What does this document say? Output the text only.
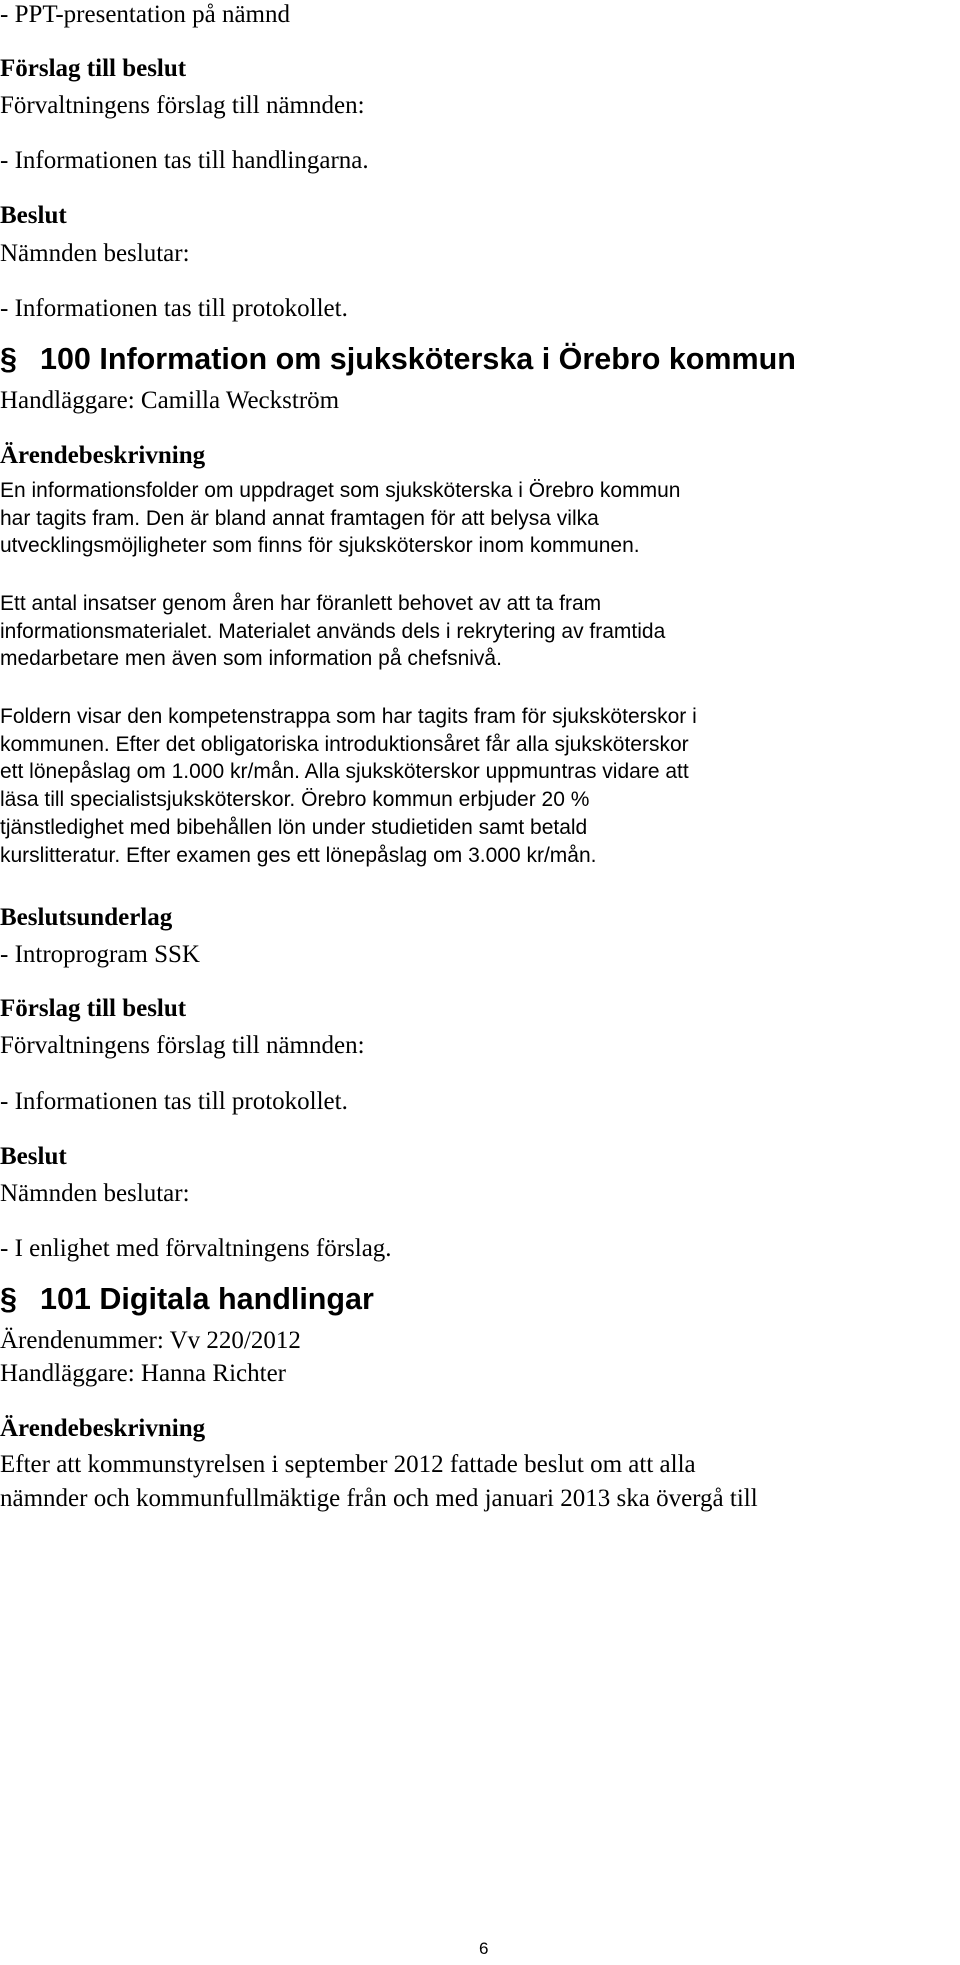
- PPT-presentation på nämnd

Förslag till beslut

Förvaltningens förslag till nämnden:

- Informationen tas till handlingarna.

Beslut

Nämnden beslutar:

- Informationen tas till protokollet.

§ 100 Information om sjuksköterska i Örebro kommun

Handläggare: Camilla Weckström

Ärendebeskrivning

En informationsfolder om uppdraget som sjuksköterska i Örebro kommun
har tagits fram. Den är bland annat framtagen för att belysa vilka
utvecklingsmöjligheter som finns för sjuksköterskor inom kommunen.

Ett antal insatser genom åren har föranlett behovet av att ta fram
informationsmaterialet. Materialet används dels i rekrytering av framtida
medarbetare men även som information på chefsnivå.

Foldern visar den kompetenstrappa som har tagits fram för sjuksköterskor i
kommunen. Efter det obligatoriska introduktionsåret får alla sjuksköterskor
ett lönepåslag om 1.000 kr/mån. Alla sjuksköterskor uppmuntras vidare att
läsa till specialistsjuksköterskor. Örebro kommun erbjuder 20 %
tjänstledighet med bibehållen lön under studietiden samt betald
kurslitteratur. Efter examen ges ett lönepåslag om 3.000 kr/mån.

Beslutsunderlag

- Introprogram SSK

Förslag till beslut

Förvaltningens förslag till nämnden:

- Informationen tas till protokollet.

Beslut

Nämnden beslutar:

- I enlighet med förvaltningens förslag.

§ 101 Digitala handlingar

Ärendenummer: Vv 220/2012

Handläggare: Hanna Richter

Ärendebeskrivning

Efter att kommunstyrelsen i september 2012 fattade beslut om att alla

nämnder och kommunfullmäktige från och med januari 2013 ska övergå till

6
